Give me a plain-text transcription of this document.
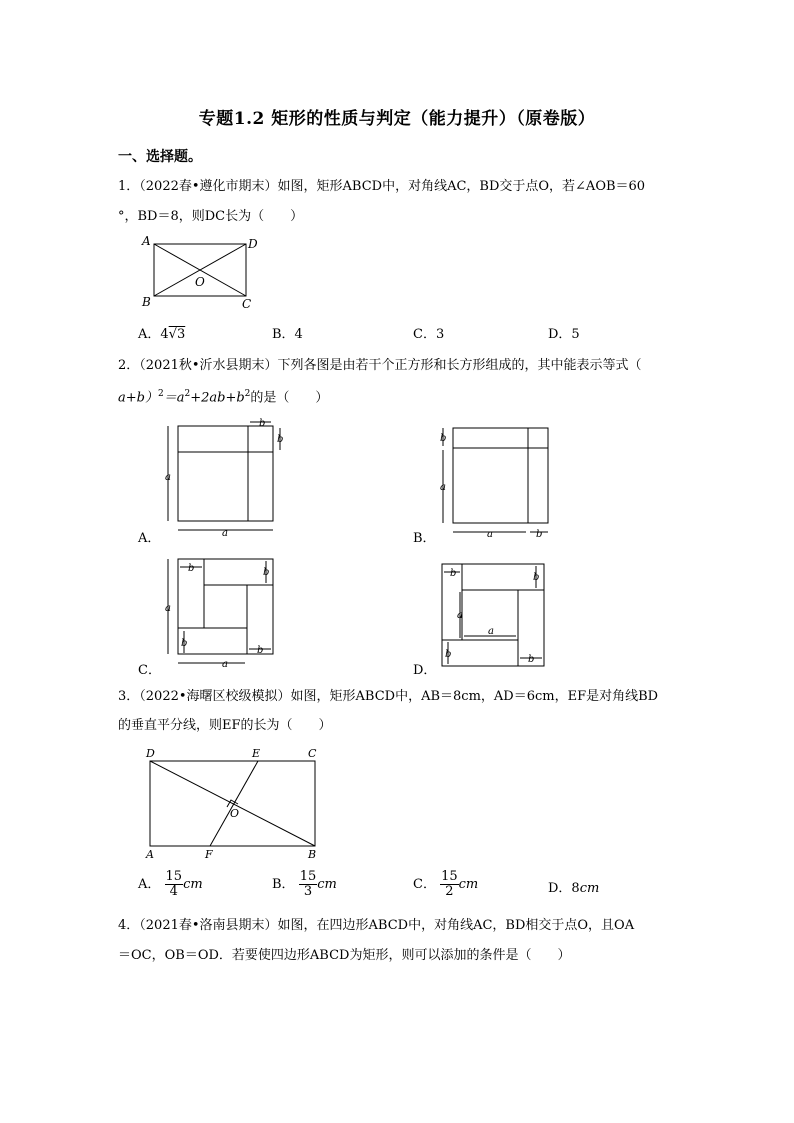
专题1.2 矩形的性质与判定（能力提升）（原卷版）
一、选择题。
1．（2022春•遵化市期末）如图，矩形ABCD中，对角线AC，BD交于点O，若∠AOB＝60
°，BD＝8，则DC长为（　　）
A	D
B	C
O
A．4√3	B．4	C．3	D．5
2．（2021秋•沂水县期末）下列各图是由若干个正方形和长方形组成的，其中能表示等式（
$a+b)^2=a^2+2ab+b^2$的是（　　）
a
a
b
b
A．
b
a
a	b
B．
b	b
a
b
a
b
C．
b	b
a
a
b	b
D．
3．（2022•海曙区校级模拟）如图，矩形ABCD中，AB＝8cm，AD＝6cm，EF是对角线BD
的垂直平分线，则EF的长为（　　）
D	E	C
O
A	F	B
A． $\frac{15}{4}$ cm	B． $\frac{15}{3}$ cm	C． $\frac{15}{2}$ cm	D．8cm
4．（2021春•洛南县期末）如图，在四边形ABCD中，对角线AC，BD相交于点O，且OA
＝OC，OB＝OD．若要使四边形ABCD为矩形，则可以添加的条件是（　　）
